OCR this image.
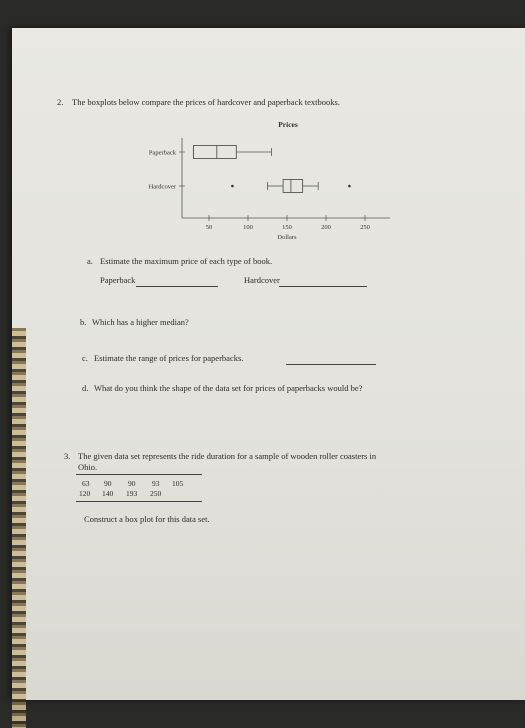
2. The boxplots below compare the prices of hardcover and paperback textbooks.
Prices
50	100	150	200	250
Dollars
Paperback
Hardcover
a. Estimate the maximum price of each type of book.
Paperback	Hardcover
b. Which has a higher median?
c. Estimate the range of prices for paperbacks.
d. What do you think the shape of the data set for prices of paperbacks would be?
3. The given data set represents the ride duration for a sample of wooden roller coasters in
Ohio.
63 90 90 93 105
120 140 193 250
Construct a box plot for this data set.
